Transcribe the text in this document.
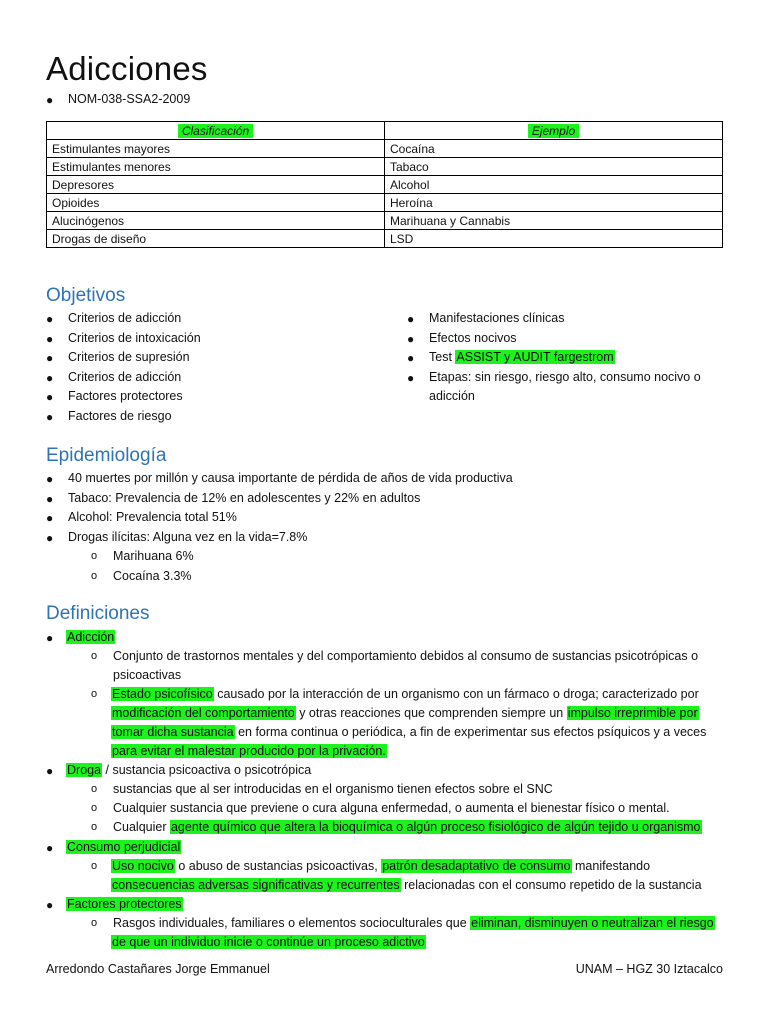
Adicciones
● NOM-038-SSA2-2009
Clasificación	Ejemplo
Estimulantes mayores	Cocaína
Estimulantes menores	Tabaco
Depresores	Alcohol
Opioides	Heroína
Alucinógenos	Marihuana y Cannabis
Drogas de diseño	LSD
Objetivos
● Criterios de adicción
● Criterios de intoxicación
● Criterios de supresión
● Criterios de adicción
● Factores protectores
● Factores de riesgo
● Manifestaciones clínicas
● Efectos nocivos
● Test ASSIST y AUDIT fargestrom
● Etapas: sin riesgo, riesgo alto, consumo nocivo o
adicción
Epidemiología
● 40 muertes por millón y causa importante de pérdida de años de vida productiva
● Tabaco: Prevalencia de 12% en adolescentes y 22% en adultos
● Alcohol: Prevalencia total 51%
● Drogas ilícitas: Alguna vez en la vida=7.8%
o Marihuana 6%
o Cocaína 3.3%
Definiciones
● Adicción
o Conjunto de trastornos mentales y del comportamiento debidos al consumo de sustancias psicotrópicas o
psicoactivas
o Estado psicofísico causado por la interacción de un organismo con un fármaco o droga; caracterizado por
modificación del comportamiento y otras reacciones que comprenden siempre un impulso irreprimible por
tomar dicha sustancia en forma continua o periódica, a fin de experimentar sus efectos psíquicos y a veces
para evitar el malestar producido por la privación.
● Droga / sustancia psicoactiva o psicotrópica
o sustancias que al ser introducidas en el organismo tienen efectos sobre el SNC
o Cualquier sustancia que previene o cura alguna enfermedad, o aumenta el bienestar físico o mental.
o Cualquier agente químico que altera la bioquímica o algún proceso fisiológico de algún tejido u organismo
● Consumo perjudicial
o Uso nocivo o abuso de sustancias psicoactivas, patrón desadaptativo de consumo manifestando
consecuencias adversas significativas y recurrentes relacionadas con el consumo repetido de la sustancia
● Factores protectores
o Rasgos individuales, familiares o elementos socioculturales que eliminan, disminuyen o neutralizan el riesgo
de que un individuo inicie o continúe un proceso adictivo
Arredondo Castañares Jorge Emmanuel	UNAM – HGZ 30 Iztacalco
